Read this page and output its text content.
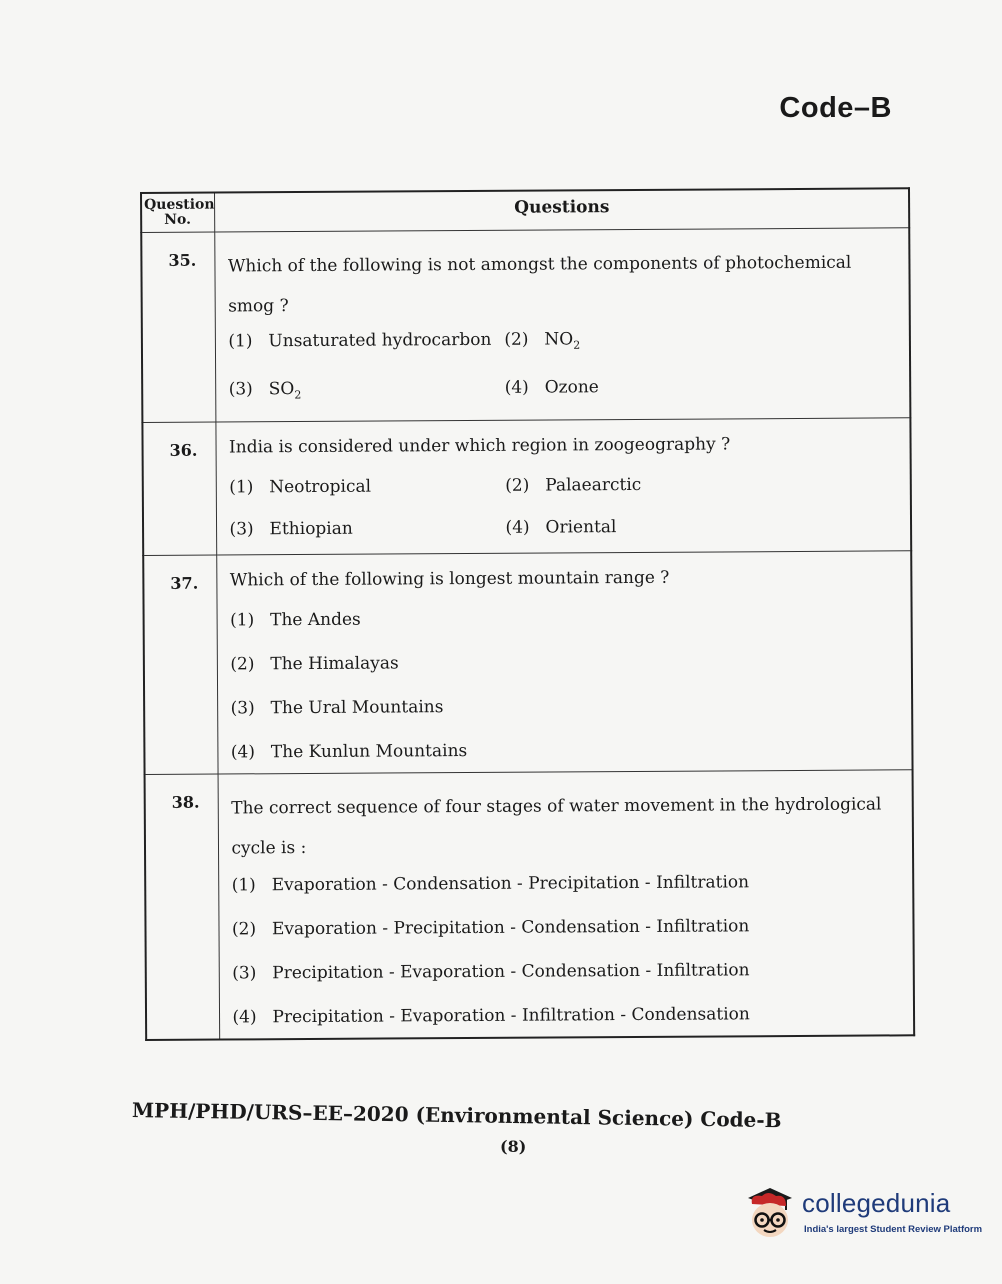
Code–B
Question
No.	Questions
35.	Which of the following is not amongst the components of photochemical smog ?
(1) Unsaturated hydrocarbon (2) $NO_2$
(3) $SO_2$ (4) Ozone

36.	India is considered under which region in zoogeography ?
(1) Neotropical (2) Palaearctic
(3) Ethiopian (4) Oriental

37.	Which of the following is longest mountain range ?
(1) The Andes
(2) The Himalayas
(3) The Ural Mountains
(4) The Kunlun Mountains

38.	The correct sequence of four stages of water movement in the hydrological cycle is :
(1) Evaporation - Condensation - Precipitation - Infiltration
(2) Evaporation - Precipitation - Condensation - Infiltration
(3) Precipitation - Evaporation - Condensation - Infiltration
(4) Precipitation - Evaporation - Infiltration - Condensation
MPH/PHD/URS–EE–2020 (Environmental Science) Code-B
(8)
collegedunia
India's largest Student Review Platform
